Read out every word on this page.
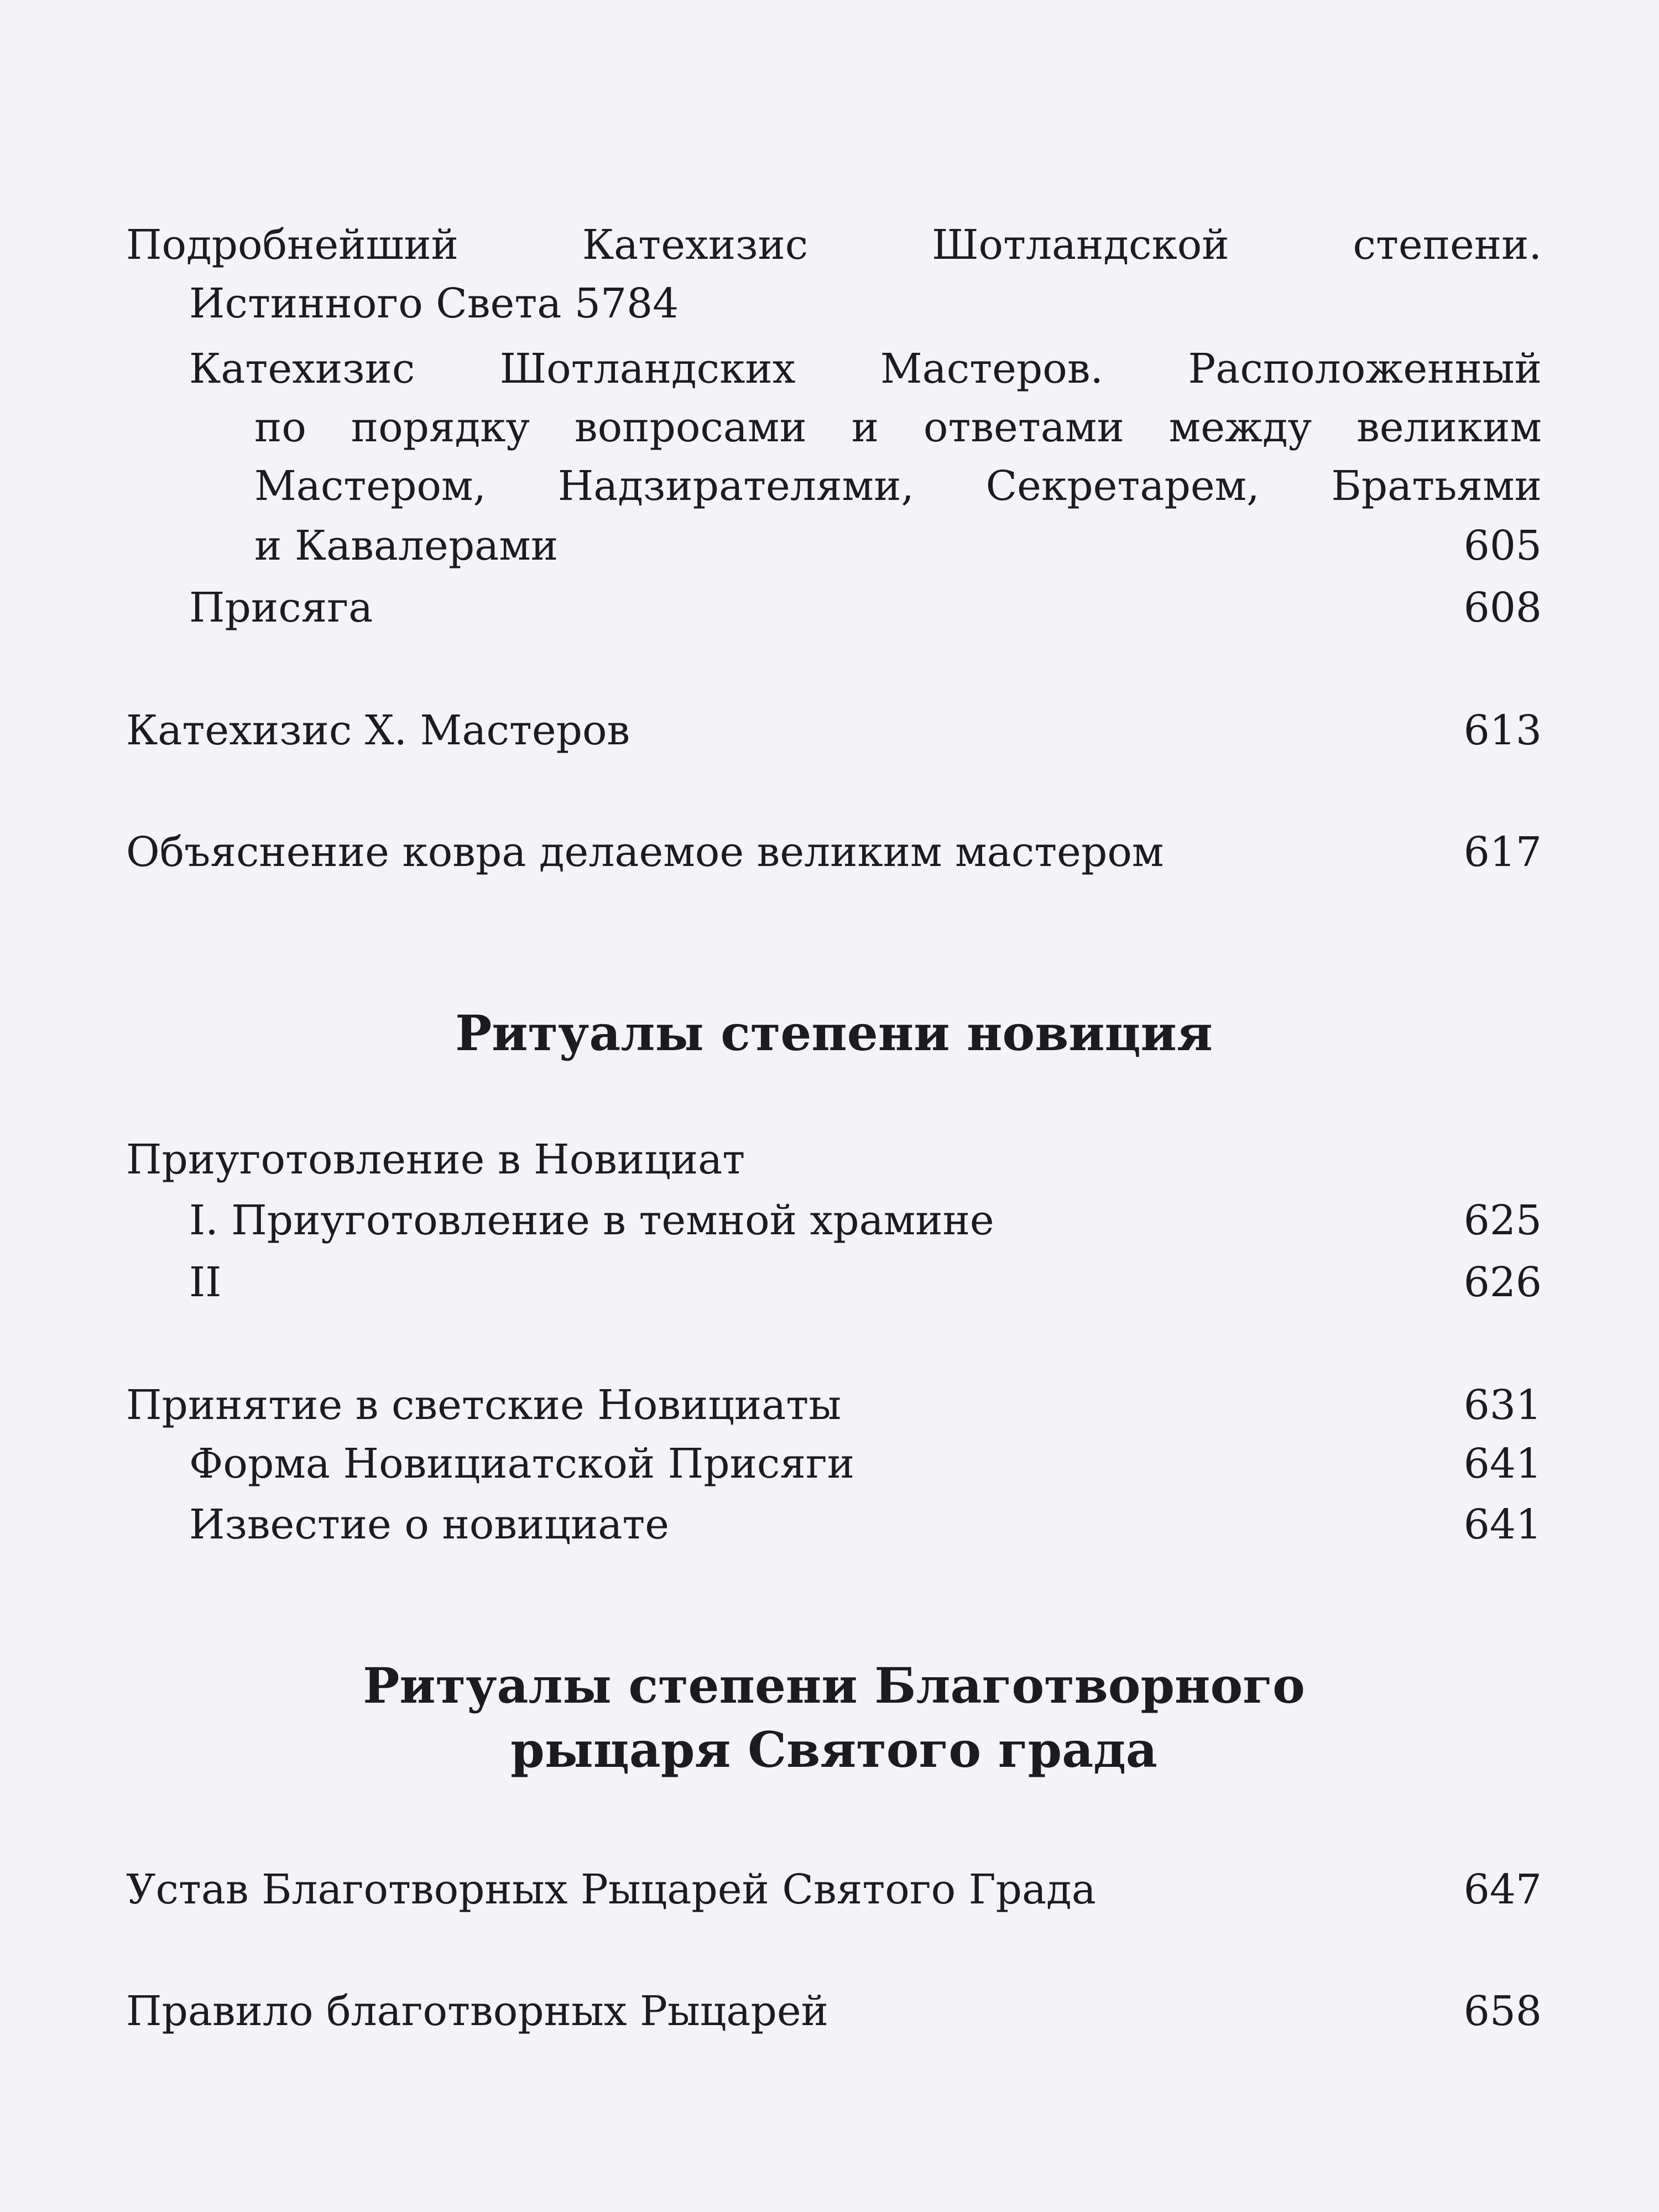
Подробнейший Катехизис Шотландской степени.
Истинного Света 5784
Катехизис Шотландских Мастеров. Расположенный
по порядку вопросами и ответами между великим
Мастером, Надзирателями, Секретарем, Братьями
и Кавалерами	605
Присяга	608
Катехизис X. Мастеров	613
Объяснение ковра делаемое великим мастером	617
Ритуалы степени новиция
Приуготовление в Новициат
I. Приуготовление в темной храмине	625
II	626
Принятие в светские Новициаты	631
Форма Новициатской Присяги	641
Известие о новициате	641
Ритуалы степени Благотворного
рыцаря Святого града
Устав Благотворных Рыцарей Святого Града	647
Правило благотворных Рыцарей	658
